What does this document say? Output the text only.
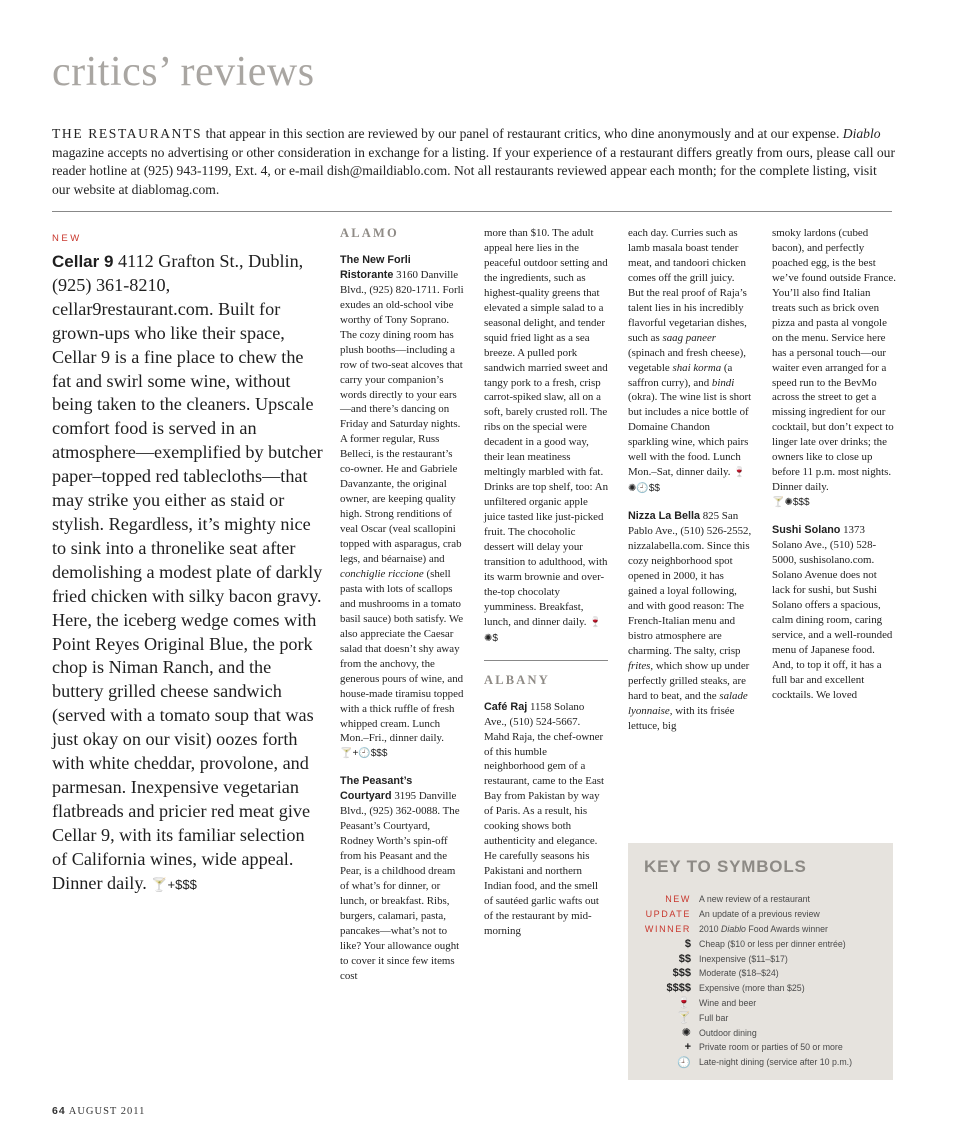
critics’ reviews
THE RESTAURANTS that appear in this section are reviewed by our panel of restaurant critics, who dine anonymously and at our expense. Diablo magazine accepts no advertising or other consideration in exchange for a listing. If your experience of a restaurant differs greatly from ours, please call our reader hotline at (925) 943-1199, Ext. 4, or e-mail dish@maildiablo.com. Not all restaurants reviewed appear each month; for the complete listing, visit our website at diablomag.com.
NEW
Cellar 9 4112 Grafton St., Dublin, (925) 361-8210, cellar9restaurant.com. Built for grown-ups who like their space, Cellar 9 is a fine place to chew the fat and swirl some wine, without being taken to the cleaners. Upscale comfort food is served in an atmosphere—exemplified by butcher paper–topped red tablecloths—that may strike you either as staid or stylish. Regardless, it’s mighty nice to sink into a thronelike seat after demolishing a modest plate of darkly fried chicken with silky bacon gravy. Here, the iceberg wedge comes with Point Reyes Original Blue, the pork chop is Niman Ranch, and the buttery grilled cheese sandwich (served with a tomato soup that was just okay on our visit) oozes forth with white cheddar, provolone, and parmesan. Inexpensive vegetarian flatbreads and pricier red meat give Cellar 9, with its familiar selection of California wines, wide appeal. Dinner daily. 🍸+$$$
ALAMO

The New Forli Ristorante 3160 Danville Blvd., (925) 820-1711. Forli exudes an old-school vibe worthy of Tony Soprano. The cozy dining room has plush booths—including a row of two-seat alcoves that carry your companion’s words directly to your ears—and there’s dancing on Friday and Saturday nights. A former regular, Russ Belleci, is the restaurant’s co-owner. He and Gabriele Davanzante, the original owner, are keeping quality high. Strong renditions of veal Oscar (veal scallopini topped with asparagus, crab legs, and béarnaise) and conchiglie riccione (shell pasta with lots of scallops and mushrooms in a tomato basil sauce) both satisfy. We also appreciate the Caesar salad that doesn’t shy away from the anchovy, the generous pours of wine, and house-made tiramisu topped with a thick ruffle of fresh whipped cream. Lunch Mon.–Fri., dinner daily.
🍸+🕘$$$

The Peasant’s Courtyard 3195 Danville Blvd., (925) 362-0088. The Peasant’s Courtyard, Rodney Worth’s spin-off from his Peasant and the Pear, is a childhood dream of what’s for dinner, or lunch, or breakfast. Ribs, burgers, calamari, pasta, pancakes—what’s not to like? Your allowance ought to cover it since few items cost

more than $10. The adult appeal here lies in the peaceful outdoor setting and the ingredients, such as highest-quality greens that elevated a simple salad to a seasonal delight, and tender squid fried light as a sea breeze. A pulled pork sandwich married sweet and tangy pork to a fresh, crisp carrot-spiked slaw, all on a soft, barely crusted roll. The ribs on the special were decadent in a good way, their lean meatiness meltingly marbled with fat. Drinks are top shelf, too: An unfiltered organic apple juice tasted like just-picked fruit. The chocoholic dessert will delay your transition to adulthood, with its warm brownie and over-the-top chocolaty yumminess. Breakfast, lunch, and dinner daily. 🍷✺$

ALBANY

Café Raj 1158 Solano Ave., (510) 524-5667. Mahd Raja, the chef-owner of this humble neighborhood gem of a restaurant, came to the East Bay from Pakistan by way of Paris. As a result, his cooking shows both authenticity and elegance. He carefully seasons his Pakistani and northern Indian food, and the smell of sautéed garlic wafts out of the restaurant by mid-morning

each day. Curries such as lamb masala boast tender meat, and tandoori chicken comes off the grill juicy. But the real proof of Raja’s talent lies in his incredibly flavorful vegetarian dishes, such as saag paneer (spinach and fresh cheese), vegetable shai korma (a saffron curry), and bindi (okra). The wine list is short but includes a nice bottle of Domaine Chandon sparkling wine, which pairs well with the food. Lunch Mon.–Sat, dinner daily. 🍷✺🕘$$

Nizza La Bella 825 San Pablo Ave., (510) 526-2552, nizzalabella.com. Since this cozy neighborhood spot opened in 2000, it has gained a loyal following, and with good reason: The French-Italian menu and bistro atmosphere are charming. The salty, crisp frites, which show up under perfectly grilled steaks, are hard to beat, and the salade lyonnaise, with its frisée lettuce, big

smoky lardons (cubed bacon), and perfectly poached egg, is the best we’ve found outside France. You’ll also find Italian treats such as brick oven pizza and pasta al vongole on the menu. Service here has a personal touch—our waiter even arranged for a speed run to the BevMo across the street to get a missing ingredient for our cocktail, but don’t expect to linger late over drinks; the owners like to close up before 11 p.m. most nights. Dinner daily.
🍸✺$$$

Sushi Solano 1373 Solano Ave., (510) 528-5000, sushisolano.com. Solano Avenue does not lack for sushi, but Sushi Solano offers a spacious, calm dining room, caring service, and a well-rounded menu of Japanese food. And, to top it off, it has a full bar and excellent cocktails. We loved

KEY TO SYMBOLS
NEW A new review of a restaurant
UPDATE An update of a previous review
WINNER 2010 Diablo Food Awards winner
$ Cheap ($10 or less per dinner entrée)
$$ Inexpensive ($11–$17)
$$$ Moderate ($18–$24)
$$$$ Expensive (more than $25)
🍷 Wine and beer
🍸 Full bar
✺ Outdoor dining
+ Private room or parties of 50 or more
🕘 Late-night dining (service after 10 p.m.)
64 AUGUST 2011
